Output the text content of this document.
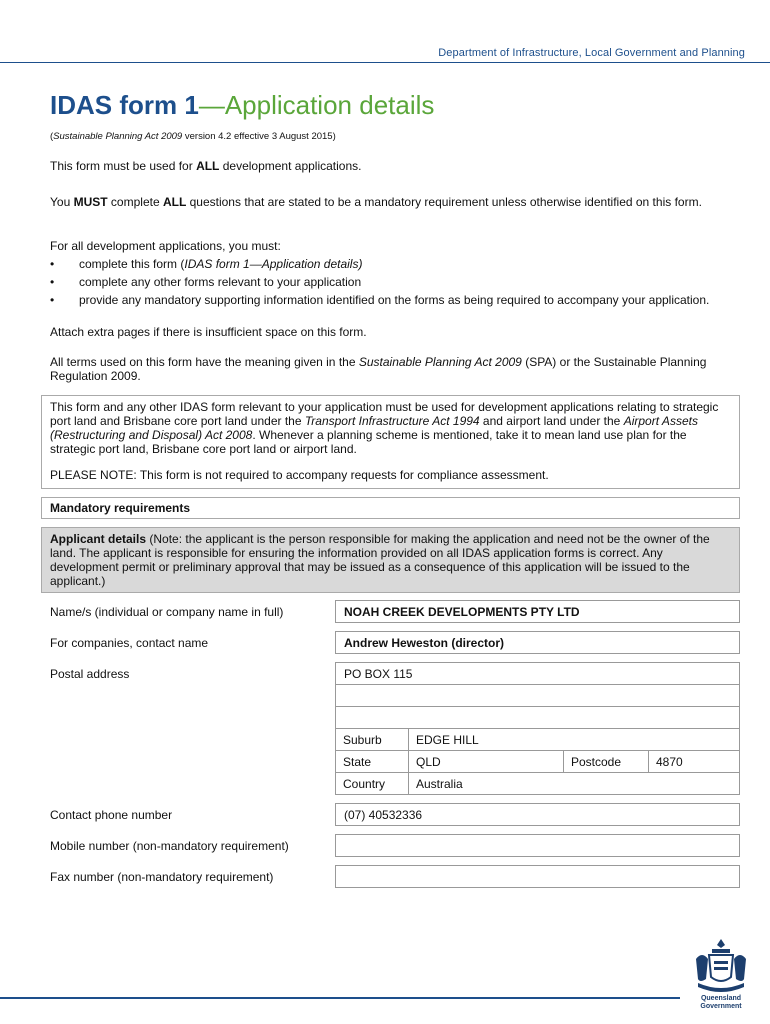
Department of Infrastructure, Local Government and Planning
IDAS form 1—Application details
(Sustainable Planning Act 2009 version 4.2 effective 3 August 2015)
This form must be used for ALL development applications.
You MUST complete ALL questions that are stated to be a mandatory requirement unless otherwise identified on this form.
For all development applications, you must:
• complete this form (IDAS form 1—Application details)
• complete any other forms relevant to your application
• provide any mandatory supporting information identified on the forms as being required to accompany your application.
Attach extra pages if there is insufficient space on this form.
All terms used on this form have the meaning given in the Sustainable Planning Act 2009 (SPA) or the Sustainable Planning Regulation 2009.

This form and any other IDAS form relevant to your application must be used for development applications relating to strategic port land and Brisbane core port land under the Transport Infrastructure Act 1994 and airport land under the Airport Assets (Restructuring and Disposal) Act 2008. Whenever a planning scheme is mentioned, take it to mean land use plan for the strategic port land, Brisbane core port land or airport land.

PLEASE NOTE: This form is not required to accompany requests for compliance assessment.

Mandatory requirements
Applicant details (Note: the applicant is the person responsible for making the application and need not be the owner of the land. The applicant is responsible for ensuring the information provided on all IDAS application forms is correct. Any development permit or preliminary approval that may be issued as a consequence of this application will be issued to the applicant.)
Name/s (individual or company name in full)	NOAH CREEK DEVELOPMENTS PTY LTD
For companies, contact name	Andrew Heweston (director)
Postal address	PO BOX 115
Suburb	EDGE HILL
State	QLD	Postcode	4870
Country	Australia
Contact phone number	(07) 40532336
Mobile number (non-mandatory requirement)
Fax number (non-mandatory requirement)
Queensland
Government
